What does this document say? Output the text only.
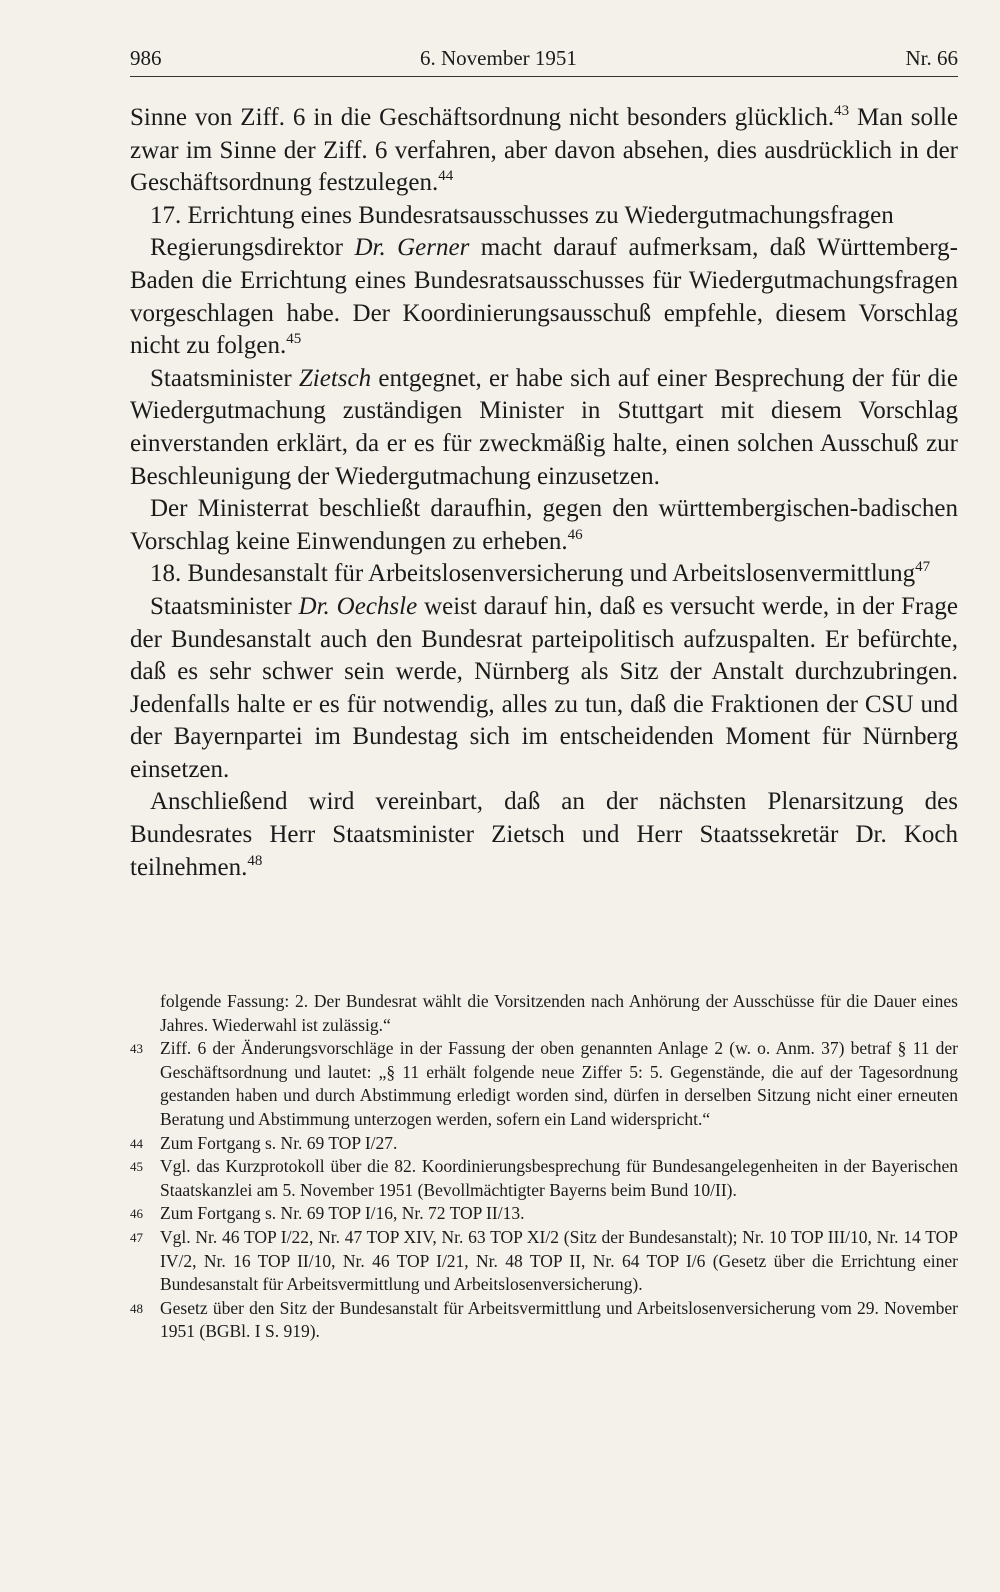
986	6. November 1951	Nr. 66

Sinne von Ziff. 6 in die Geschäftsordnung nicht besonders glücklich.$^{43}$ Man solle zwar im Sinne der Ziff. 6 verfahren, aber davon absehen, dies ausdrücklich in der Geschäftsordnung festzulegen.$^{44}$

17. Errichtung eines Bundesratsausschusses zu Wiedergutmachungsfragen

Regierungsdirektor Dr. Gerner macht darauf aufmerksam, daß Württemberg-Baden die Errichtung eines Bundesratsausschusses für Wiedergutmachungsfragen vorgeschlagen habe. Der Koordinierungsausschuß empfehle, diesem Vorschlag nicht zu folgen.$^{45}$

Staatsminister Zietsch entgegnet, er habe sich auf einer Besprechung der für die Wiedergutmachung zuständigen Minister in Stuttgart mit diesem Vorschlag einverstanden erklärt, da er es für zweckmäßig halte, einen solchen Ausschuß zur Beschleunigung der Wiedergutmachung einzusetzen.

Der Ministerrat beschließt daraufhin, gegen den württembergischen-badischen Vorschlag keine Einwendungen zu erheben.$^{46}$

18. Bundesanstalt für Arbeitslosenversicherung und Arbeitslosenvermittlung$^{47}$

Staatsminister Dr. Oechsle weist darauf hin, daß es versucht werde, in der Frage der Bundesanstalt auch den Bundesrat parteipolitisch aufzuspalten. Er befürchte, daß es sehr schwer sein werde, Nürnberg als Sitz der Anstalt durchzubringen. Jedenfalls halte er es für notwendig, alles zu tun, daß die Fraktionen der CSU und der Bayernpartei im Bundestag sich im entscheidenden Moment für Nürnberg einsetzen.

Anschließend wird vereinbart, daß an der nächsten Plenarsitzung des Bundesrates Herr Staatsminister Zietsch und Herr Staatssekretär Dr. Koch teilnehmen.$^{48}$

folgende Fassung: 2. Der Bundesrat wählt die Vorsitzenden nach Anhörung der Ausschüsse für die Dauer eines Jahres. Wiederwahl ist zulässig.“

43 Ziff. 6 der Änderungsvorschläge in der Fassung der oben genannten Anlage 2 (w. o. Anm. 37) betraf § 11 der Geschäftsordnung und lautet: „§ 11 erhält folgende neue Ziffer 5: 5. Gegenstände, die auf der Tagesordnung gestanden haben und durch Abstimmung erledigt worden sind, dürfen in derselben Sitzung nicht einer erneuten Beratung und Abstimmung unterzogen werden, sofern ein Land widerspricht.“

44 Zum Fortgang s. Nr. 69 TOP I/27.

45 Vgl. das Kurzprotokoll über die 82. Koordinierungsbesprechung für Bundesangelegenheiten in der Bayerischen Staatskanzlei am 5. November 1951 (Bevollmächtigter Bayerns beim Bund 10/II).

46 Zum Fortgang s. Nr. 69 TOP I/16, Nr. 72 TOP II/13.

47 Vgl. Nr. 46 TOP I/22, Nr. 47 TOP XIV, Nr. 63 TOP XI/2 (Sitz der Bundesanstalt); Nr. 10 TOP III/10, Nr. 14 TOP IV/2, Nr. 16 TOP II/10, Nr. 46 TOP I/21, Nr. 48 TOP II, Nr. 64 TOP I/6 (Gesetz über die Errichtung einer Bundesanstalt für Arbeitsvermittlung und Arbeitslosenversicherung).

48 Gesetz über den Sitz der Bundesanstalt für Arbeitsvermittlung und Arbeitslosenversicherung vom 29. November 1951 (BGBl. I S. 919).
